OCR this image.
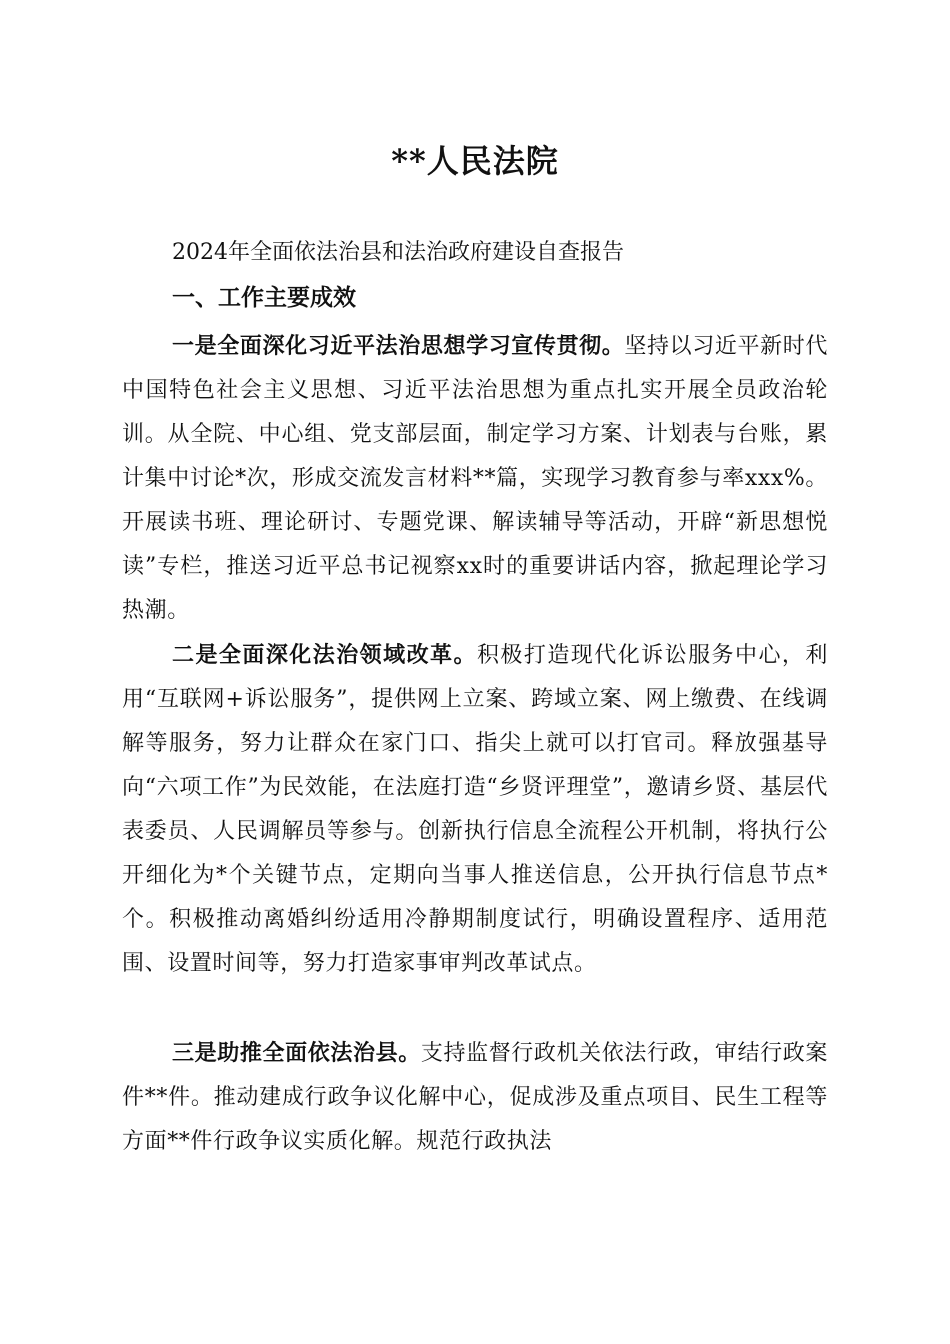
**人民法院
2024年全面依法治县和法治政府建设自查报告
一、工作主要成效
一是全面深化习近平法治思想学习宣传贯彻。坚持以习近平新时代中国特色社会主义思想、习近平法治思想为重点扎实开展全员政治轮训。从全院、中心组、党支部层面，制定学习方案、计划表与台账，累计集中讨论*次，形成交流发言材料**篇，实现学习教育参与率xxx%。开展读书班、理论研讨、专题党课、解读辅导等活动，开辟“新思想悦读”专栏，推送习近平总书记视察xx时的重要讲话内容，掀起理论学习热潮。
二是全面深化法治领域改革。积极打造现代化诉讼服务中心，利用“互联网+诉讼服务”，提供网上立案、跨域立案、网上缴费、在线调解等服务，努力让群众在家门口、指尖上就可以打官司。释放强基导向“六项工作”为民效能，在法庭打造“乡贤评理堂”，邀请乡贤、基层代表委员、人民调解员等参与。创新执行信息全流程公开机制，将执行公开细化为*个关键节点，定期向当事人推送信息，公开执行信息节点*个。积极推动离婚纠纷适用冷静期制度试行，明确设置程序、适用范围、设置时间等，努力打造家事审判改革试点。
三是助推全面依法治县。支持监督行政机关依法行政，审结行政案件**件。推动建成行政争议化解中心，促成涉及重点项目、民生工程等方面**件行政争议实质化解。规范行政执法
